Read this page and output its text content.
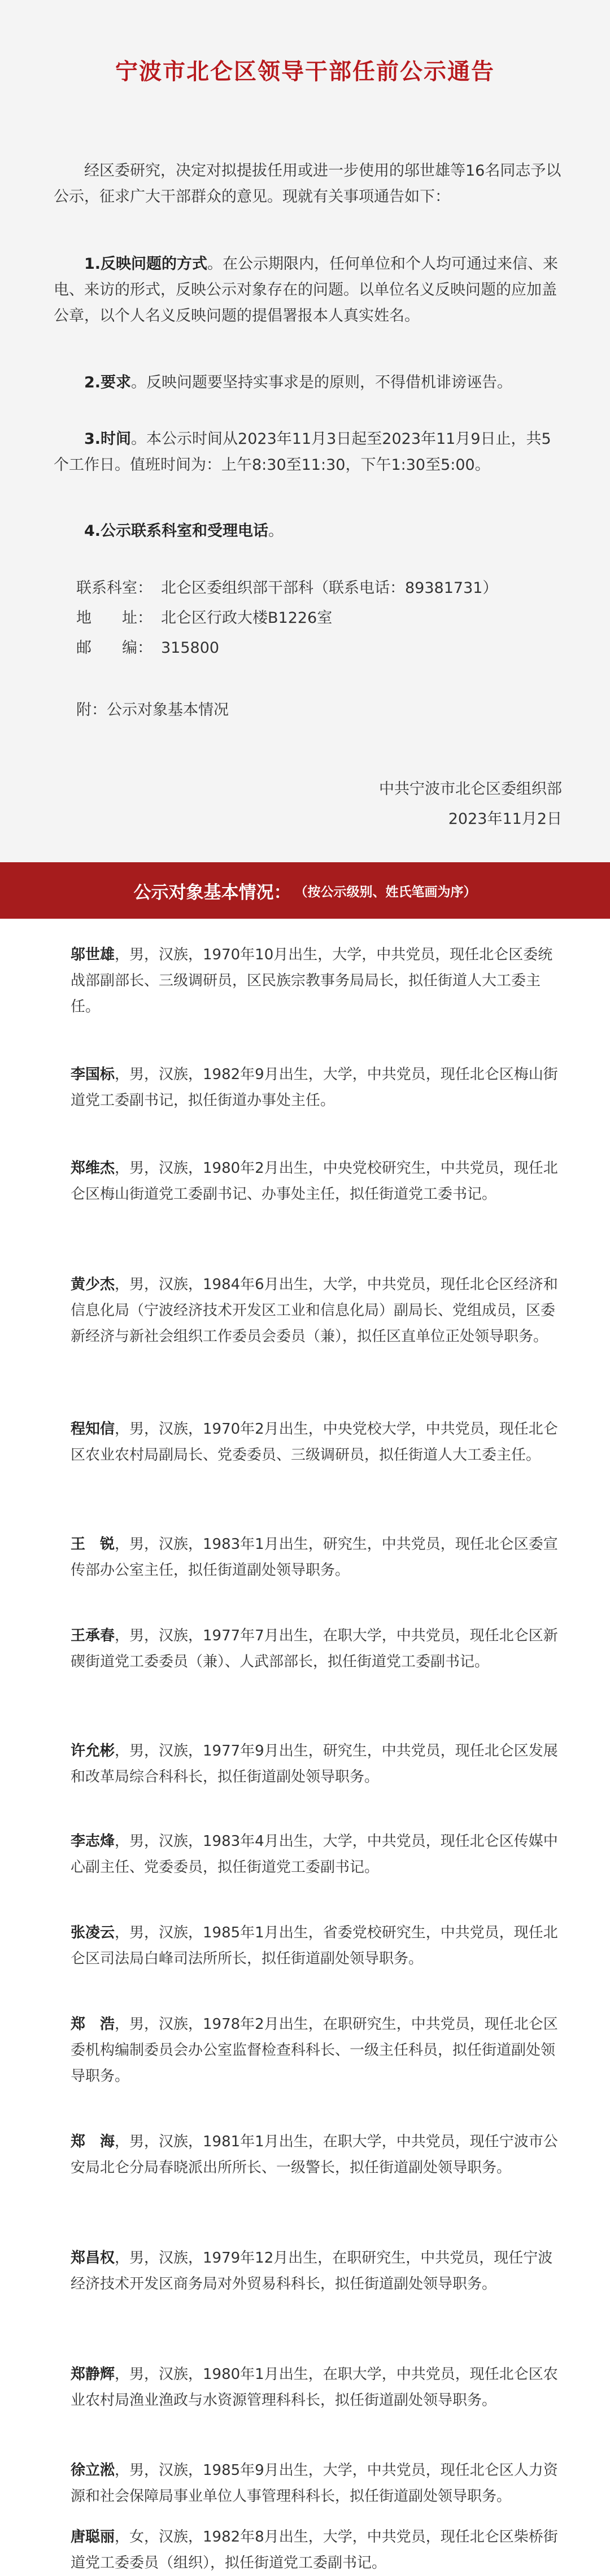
宁波市北仑区领导干部任前公示通告

经区委研究，决定对拟提拔任用或进一步使用的邬世雄等16名同志予以公示，征求广大干部群众的意见。现就有关事项通告如下：

1.反映问题的方式。在公示期限内，任何单位和个人均可通过来信、来电、来访的形式，反映公示对象存在的问题。以单位名义反映问题的应加盖公章，以个人名义反映问题的提倡署报本人真实姓名。

2.要求。反映问题要坚持实事求是的原则，不得借机诽谤诬告。

3.时间。本公示时间从2023年11月3日起至2023年11月9日止，共5个工作日。值班时间为：上午8:30至11:30，下午1:30至5:00。

4.公示联系科室和受理电话。

联系科室： 北仑区委组织部干部科（联系电话：89381731）
地　　址： 北仑区行政大楼B1226室
邮　　编： 315800
附：公示对象基本情况
中共宁波市北仑区委组织部
2023年11月2日
公示对象基本情况： （按公示级别、姓氏笔画为序）

邬世雄，男，汉族，1970年10月出生，大学，中共党员，现任北仑区委统战部副部长、三级调研员，区民族宗教事务局局长，拟任街道人大工委主任。

李国标，男，汉族，1982年9月出生，大学，中共党员，现任北仑区梅山街道党工委副书记，拟任街道办事处主任。

郑维杰，男，汉族，1980年2月出生，中央党校研究生，中共党员，现任北仑区梅山街道党工委副书记、办事处主任，拟任街道党工委书记。

黄少杰，男，汉族，1984年6月出生，大学，中共党员，现任北仑区经济和信息化局（宁波经济技术开发区工业和信息化局）副局长、党组成员，区委新经济与新社会组织工作委员会委员（兼），拟任区直单位正处领导职务。

程知信，男，汉族，1970年2月出生，中央党校大学，中共党员，现任北仑区农业农村局副局长、党委委员、三级调研员，拟任街道人大工委主任。

王　锐，男，汉族，1983年1月出生，研究生，中共党员，现任北仑区委宣传部办公室主任，拟任街道副处领导职务。

王承春，男，汉族，1977年7月出生，在职大学，中共党员，现任北仑区新碶街道党工委委员（兼）、人武部部长，拟任街道党工委副书记。

许允彬，男，汉族，1977年9月出生，研究生，中共党员，现任北仑区发展和改革局综合科科长，拟任街道副处领导职务。

李志烽，男，汉族，1983年4月出生，大学，中共党员，现任北仑区传媒中心副主任、党委委员，拟任街道党工委副书记。

张凌云，男，汉族，1985年1月出生，省委党校研究生，中共党员，现任北仑区司法局白峰司法所所长，拟任街道副处领导职务。

郑　浩，男，汉族，1978年2月出生，在职研究生，中共党员，现任北仑区委机构编制委员会办公室监督检查科科长、一级主任科员，拟任街道副处领导职务。

郑　海，男，汉族，1981年1月出生，在职大学，中共党员，现任宁波市公安局北仑分局春晓派出所所长、一级警长，拟任街道副处领导职务。

郑昌权，男，汉族，1979年12月出生，在职研究生，中共党员，现任宁波经济技术开发区商务局对外贸易科科长，拟任街道副处领导职务。

郑静辉，男，汉族，1980年1月出生，在职大学，中共党员，现任北仑区农业农村局渔业渔政与水资源管理科科长，拟任街道副处领导职务。

徐立淞，男，汉族，1985年9月出生，大学，中共党员，现任北仑区人力资源和社会保障局事业单位人事管理科科长，拟任街道副处领导职务。

唐聪丽，女，汉族，1982年8月出生，大学，中共党员，现任北仑区柴桥街道党工委委员（组织），拟任街道党工委副书记。
